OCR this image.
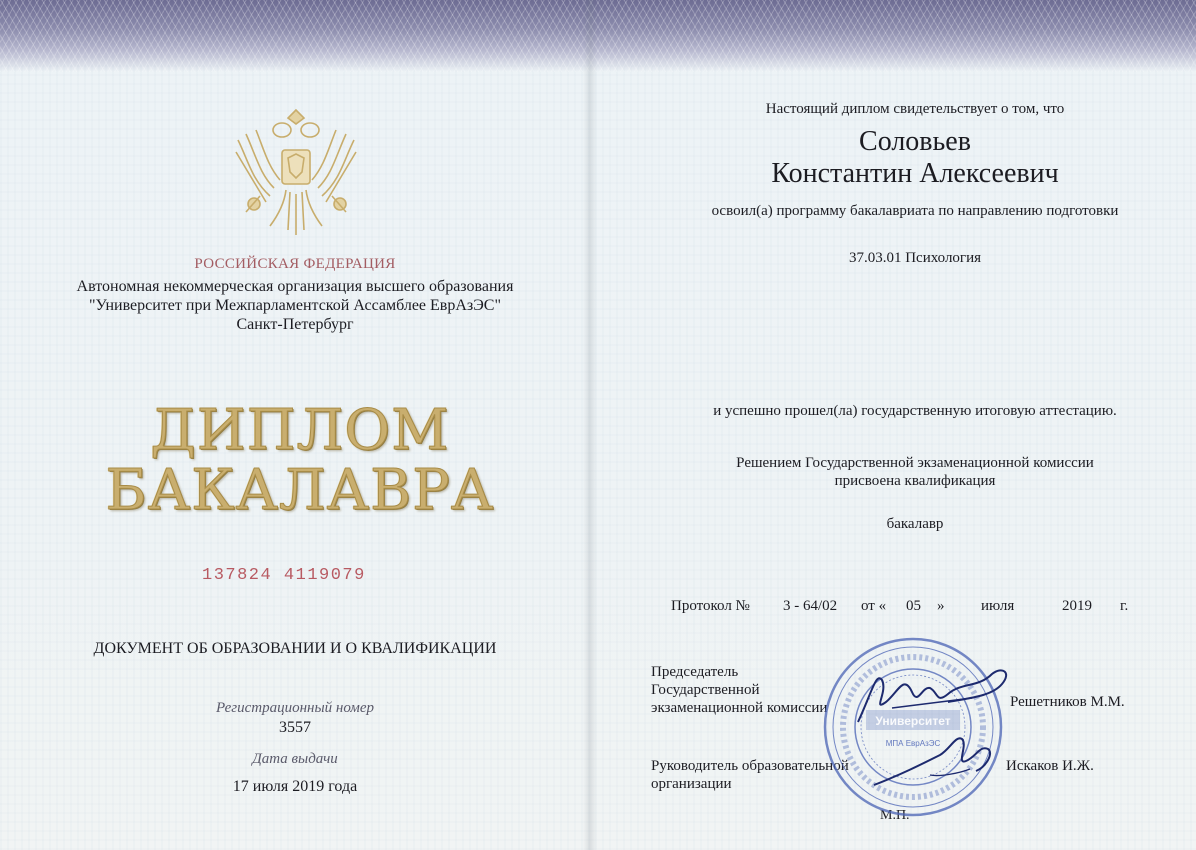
РОССИЙСКАЯ ФЕДЕРАЦИЯ
Автономная некоммерческая организация высшего образования
"Университет при Межпарламентской Ассамблее ЕврАзЭС"
Санкт-Петербург
ДИПЛОМ
БАКАЛАВРА
137824 4119079
ДОКУМЕНТ ОБ ОБРАЗОВАНИИ И О КВАЛИФИКАЦИИ
Регистрационный номер
3557
Дата выдачи
17 июля 2019 года
Настоящий диплом свидетельствует о том, что
Соловьев
Константин Алексеевич
освоил(а) программу бакалавриата по направлению подготовки
37.03.01 Психология
и успешно прошел(ла) государственную итоговую аттестацию.
Решением Государственной экзаменационной комиссии
присвоена квалификация
бакалавр
Протокол № 3 - 64/02 от « 05 » июля	2019 г.
Председатель
Государственной
экзаменационной комиссии	Решетников М.М.
Руководитель образовательной
организации
Искаков И.Ж.
М.П.
Университет
МПА ЕврАзЭС
